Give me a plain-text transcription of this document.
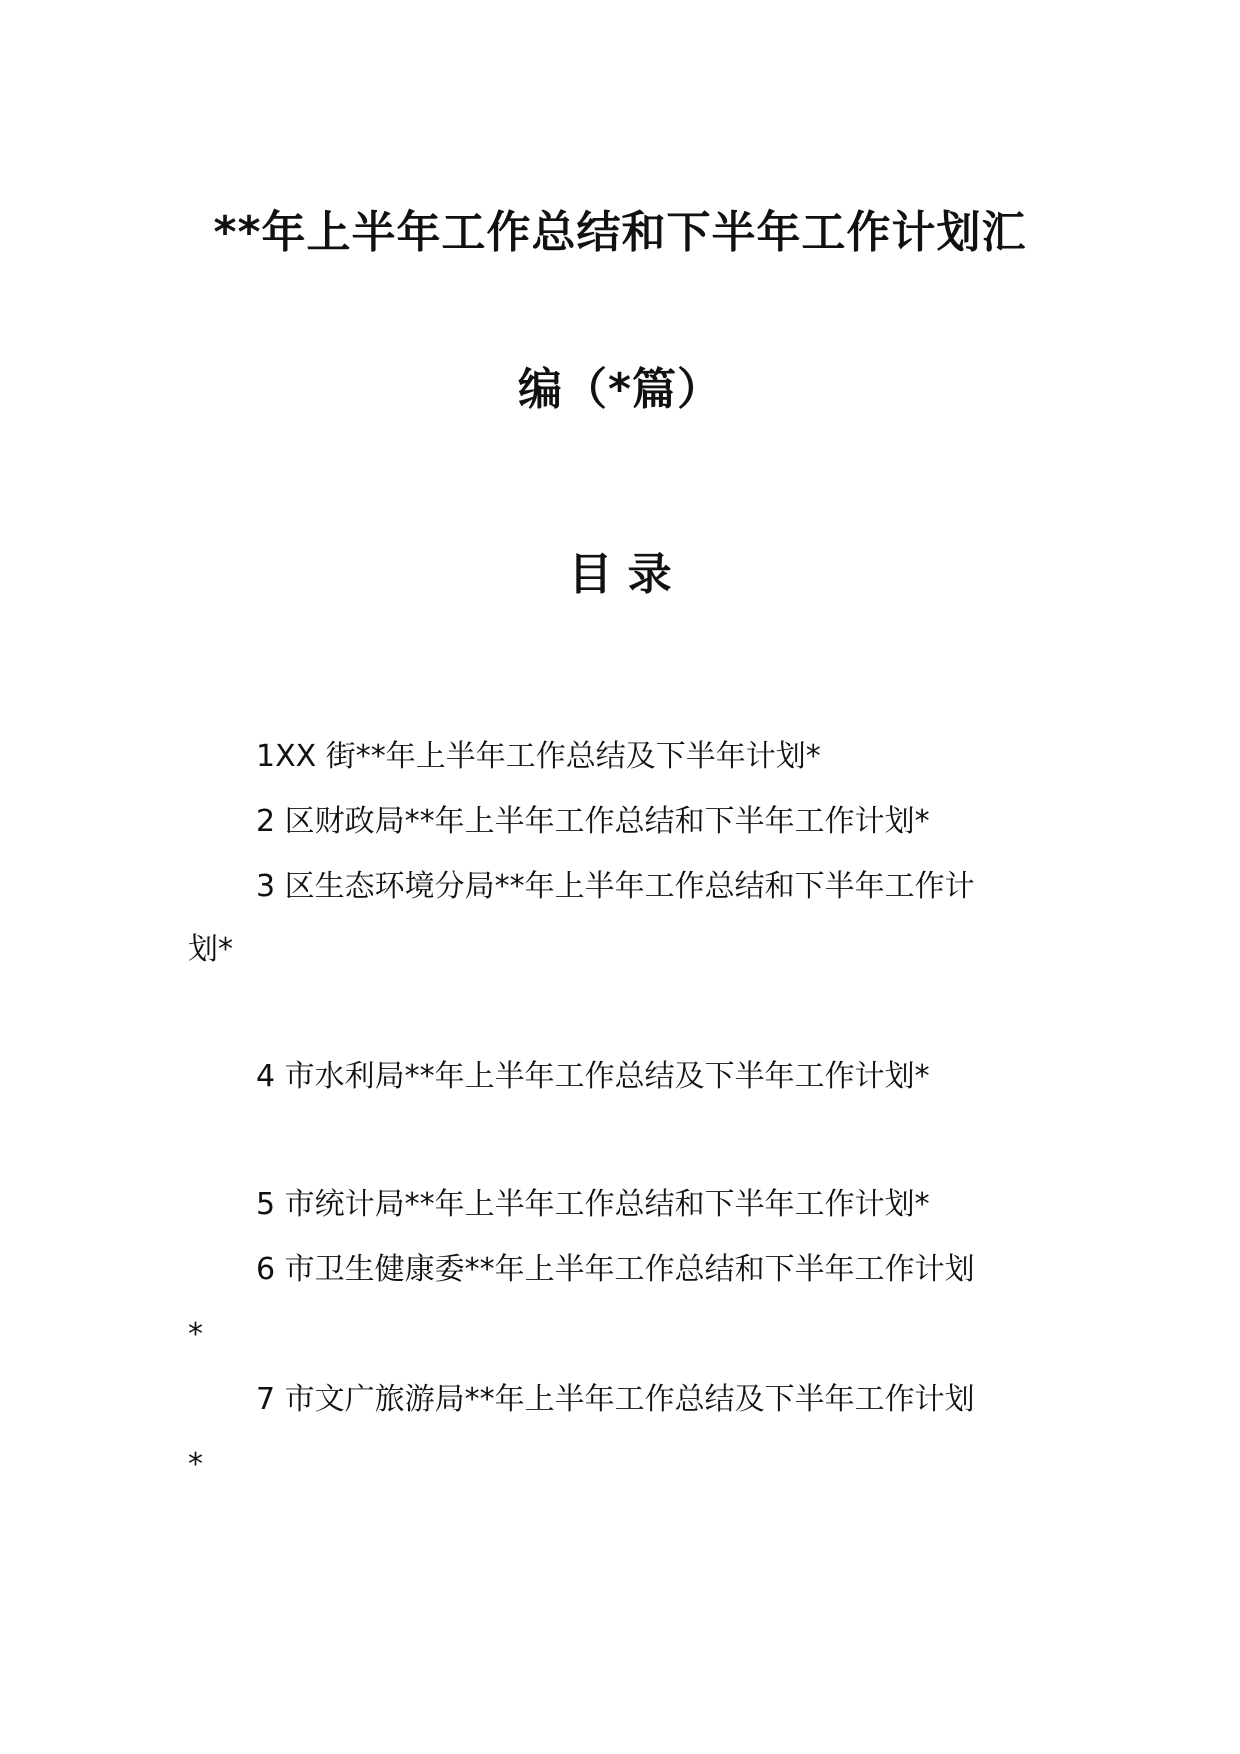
**年上半年工作总结和下半年工作计划汇
编（*篇）
目 录
1XX 街**年上半年工作总结及下半年计划*
2 区财政局**年上半年工作总结和下半年工作计划*
3 区生态环境分局**年上半年工作总结和下半年工作计
划*
4 市水利局**年上半年工作总结及下半年工作计划*
5 市统计局**年上半年工作总结和下半年工作计划*
6 市卫生健康委**年上半年工作总结和下半年工作计划
*
7 市文广旅游局**年上半年工作总结及下半年工作计划
*
